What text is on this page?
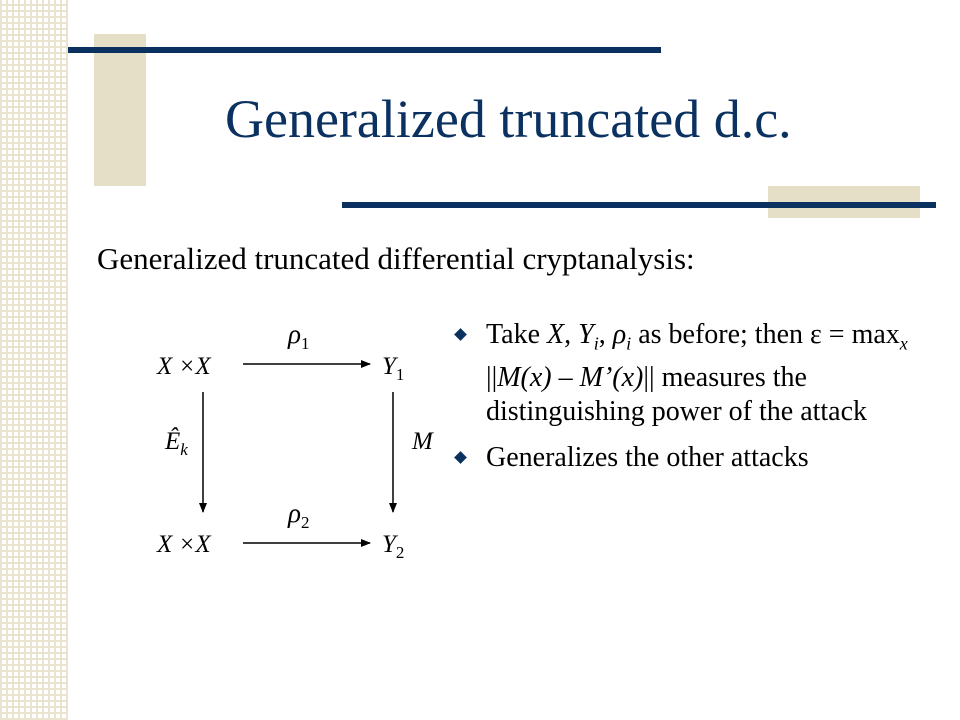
Generalized truncated d.c.
Generalized truncated differential cryptanalysis:
X ×X	$Y_1$
X ×X	$Y_2$
$\rho_1$
$\rho_2$
$Ê_k$	M
Take X, $Y_i$, $\rho_i$ as before; then $\varepsilon = \max_x ||M(x)$ – M’(x)|| measures the distinguishing power of the attack
Generalizes the other attacks
